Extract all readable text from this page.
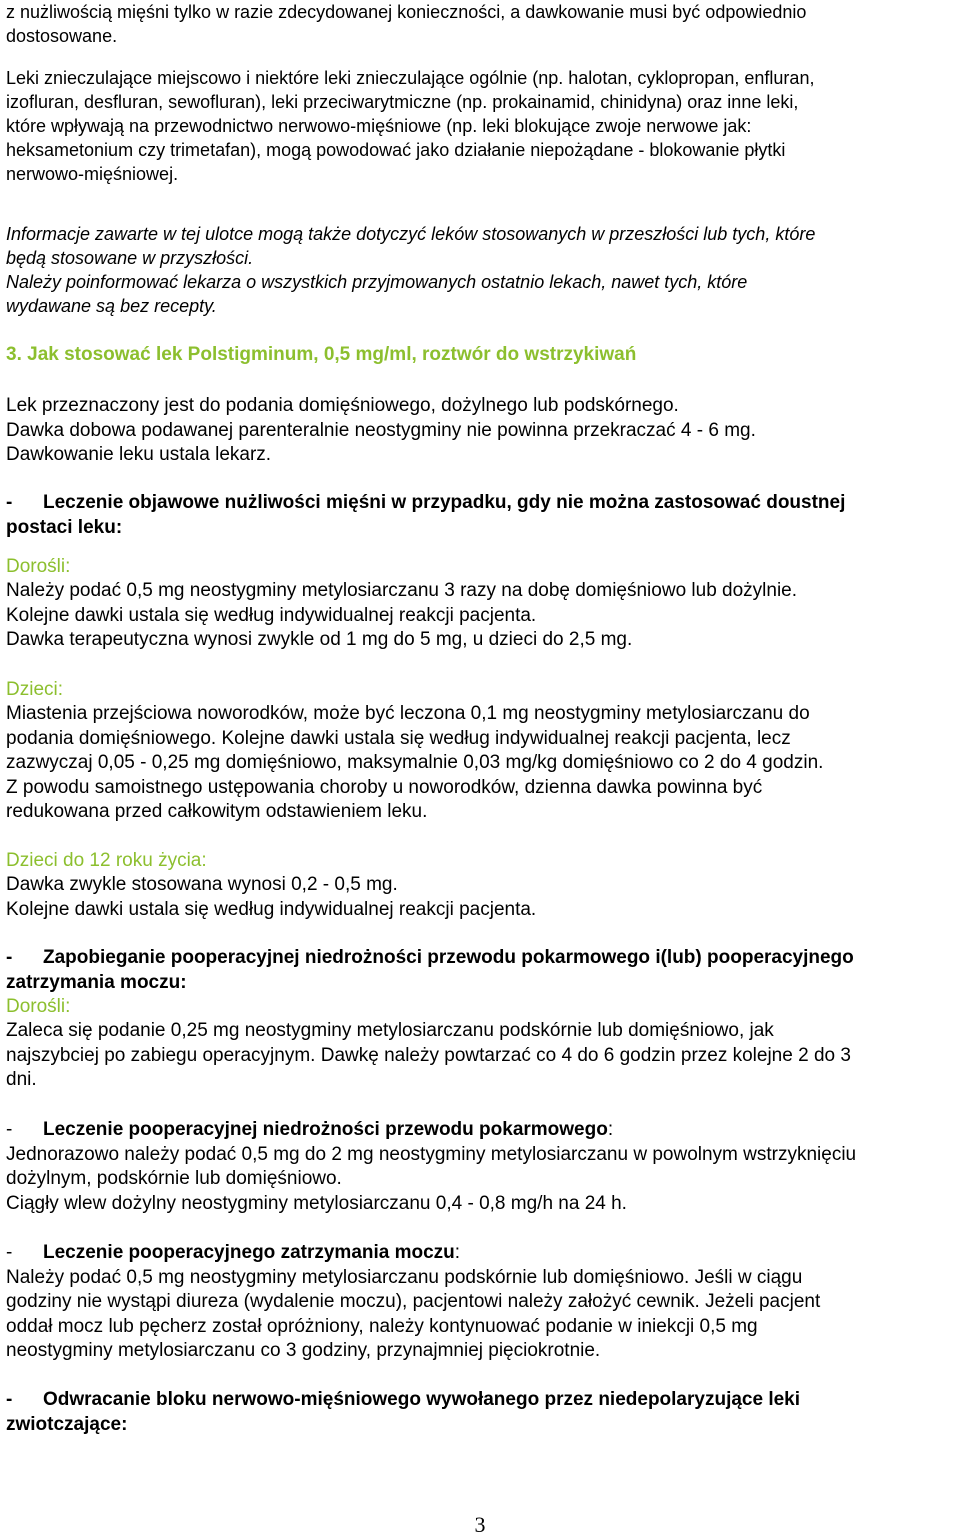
z nużliwością mięśni tylko w razie zdecydowanej konieczności, a dawkowanie musi być odpowiednio
dostosowane.
Leki znieczulające miejscowo i niektóre leki znieczulające ogólnie (np. halotan, cyklopropan, enfluran,
izofluran, desfluran, sewofluran), leki przeciwarytmiczne (np. prokainamid, chinidyna) oraz inne leki,
które wpływają na przewodnictwo nerwowo-mięśniowe (np. leki blokujące zwoje nerwowe jak:
heksametonium czy trimetafan), mogą powodować jako działanie niepożądane - blokowanie płytki
nerwowo-mięśniowej.
Informacje zawarte w tej ulotce mogą także dotyczyć leków stosowanych w przeszłości lub tych, które
będą stosowane w przyszłości.
Należy poinformować lekarza o wszystkich przyjmowanych ostatnio lekach, nawet tych, które
wydawane są bez recepty.
3. Jak stosować lek Polstigminum, 0,5 mg/ml, roztwór do wstrzykiwań
Lek przeznaczony jest do podania domięśniowego, dożylnego lub podskórnego.
Dawka dobowa podawanej parenteralnie neostygminy nie powinna przekraczać 4 - 6 mg.
Dawkowanie leku ustala lekarz.
- Leczenie objawowe nużliwości mięśni w przypadku, gdy nie można zastosować doustnej
postaci leku:
Dorośli:
Należy podać 0,5 mg neostygminy metylosiarczanu 3 razy na dobę domięśniowo lub dożylnie.
Kolejne dawki ustala się według indywidualnej reakcji pacjenta.
Dawka terapeutyczna wynosi zwykle od 1 mg do 5 mg, u dzieci do 2,5 mg.
Dzieci:
Miastenia przejściowa noworodków, może być leczona 0,1 mg neostygminy metylosiarczanu do
podania domięśniowego. Kolejne dawki ustala się według indywidualnej reakcji pacjenta, lecz
zazwyczaj 0,05 - 0,25 mg domięśniowo, maksymalnie 0,03 mg/kg domięśniowo co 2 do 4 godzin.
Z powodu samoistnego ustępowania choroby u noworodków, dzienna dawka powinna być
redukowana przed całkowitym odstawieniem leku.
Dzieci do 12 roku życia:
Dawka zwykle stosowana wynosi 0,2 - 0,5 mg.
Kolejne dawki ustala się według indywidualnej reakcji pacjenta.
- Zapobieganie pooperacyjnej niedrożności przewodu pokarmowego i(lub) pooperacyjnego
zatrzymania moczu:
Dorośli:
Zaleca się podanie 0,25 mg neostygminy metylosiarczanu podskórnie lub domięśniowo, jak
najszybciej po zabiegu operacyjnym. Dawkę należy powtarzać co 4 do 6 godzin przez kolejne 2 do 3
dni.
- Leczenie pooperacyjnej niedrożności przewodu pokarmowego:
Jednorazowo należy podać 0,5 mg do 2 mg neostygminy metylosiarczanu w powolnym wstrzyknięciu
dożylnym, podskórnie lub domięśniowo.
Ciągły wlew dożylny neostygminy metylosiarczanu 0,4 - 0,8 mg/h na 24 h.
- Leczenie pooperacyjnego zatrzymania moczu:
Należy podać 0,5 mg neostygminy metylosiarczanu podskórnie lub domięśniowo. Jeśli w ciągu
godziny nie wystąpi diureza (wydalenie moczu), pacjentowi należy założyć cewnik. Jeżeli pacjent
oddał mocz lub pęcherz został opróżniony, należy kontynuować podanie w iniekcji 0,5 mg
neostygminy metylosiarczanu co 3 godziny, przynajmniej pięciokrotnie.
- Odwracanie bloku nerwowo-mięśniowego wywołanego przez niedepolaryzujące leki
zwiotczające:
3
